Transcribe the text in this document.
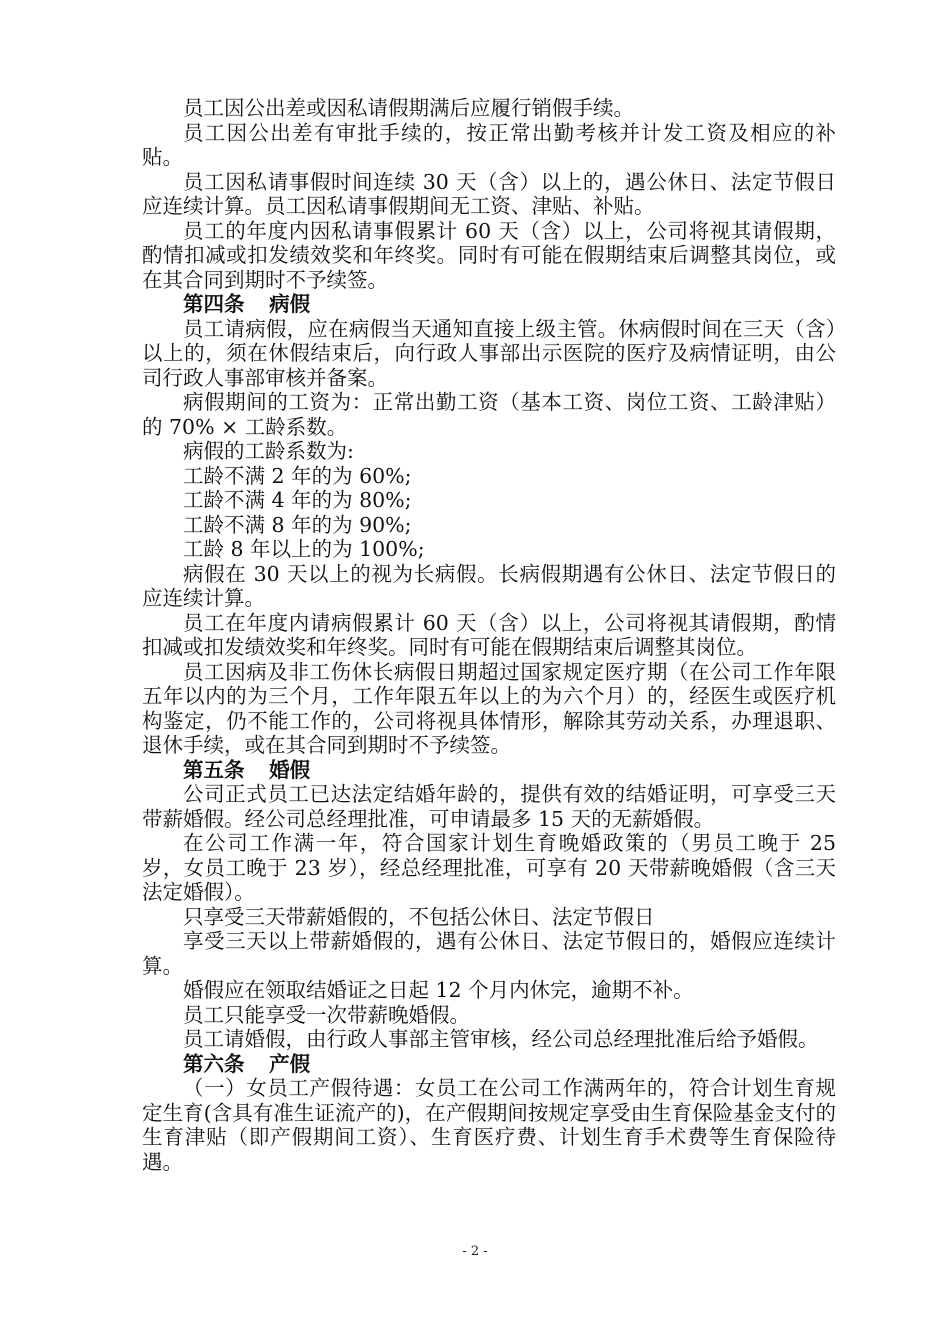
员工因公出差或因私请假期满后应履行销假手续。

员工因公出差有审批手续的，按正常出勤考核并计发工资及相应的补贴。

员工因私请事假时间连续 30 天（含）以上的，遇公休日、法定节假日应连续计算。员工因私请事假期间无工资、津贴、补贴。

员工的年度内因私请事假累计 60 天（含）以上，公司将视其请假期，酌情扣减或扣发绩效奖和年终奖。同时有可能在假期结束后调整其岗位，或在其合同到期时不予续签。

第四条 病假

员工请病假，应在病假当天通知直接上级主管。休病假时间在三天（含）以上的，须在休假结束后，向行政人事部出示医院的医疗及病情证明，由公司行政人事部审核并备案。

病假期间的工资为：正常出勤工资（基本工资、岗位工资、工龄津贴）的 70% × 工龄系数。

病假的工龄系数为:

工龄不满 2 年的为 60%;

工龄不满 4 年的为 80%;

工龄不满 8 年的为 90%;

工龄 8 年以上的为 100%;

病假在 30 天以上的视为长病假。长病假期遇有公休日、法定节假日的应连续计算。

员工在年度内请病假累计 60 天（含）以上，公司将视其请假期，酌情扣减或扣发绩效奖和年终奖。同时有可能在假期结束后调整其岗位。

员工因病及非工伤休长病假日期超过国家规定医疗期（在公司工作年限五年以内的为三个月，工作年限五年以上的为六个月）的，经医生或医疗机构鉴定，仍不能工作的，公司将视具体情形，解除其劳动关系，办理退职、退休手续，或在其合同到期时不予续签。

第五条 婚假

公司正式员工已达法定结婚年龄的，提供有效的结婚证明，可享受三天带薪婚假。经公司总经理批准，可申请最多 15 天的无薪婚假。

在公司工作满一年，符合国家计划生育晚婚政策的（男员工晚于 25 岁，女员工晚于 23 岁），经总经理批准，可享有 20 天带薪晚婚假（含三天法定婚假）。

只享受三天带薪婚假的，不包括公休日、法定节假日

享受三天以上带薪婚假的，遇有公休日、法定节假日的，婚假应连续计算。

婚假应在领取结婚证之日起 12 个月内休完，逾期不补。

员工只能享受一次带薪晚婚假。

员工请婚假，由行政人事部主管审核，经公司总经理批准后给予婚假。

第六条 产假

（一）女员工产假待遇：女员工在公司工作满两年的，符合计划生育规定生育(含具有准生证流产的)，在产假期间按规定享受由生育保险基金支付的生育津贴（即产假期间工资）、生育医疗费、计划生育手术费等生育保险待遇。

- 2 -
